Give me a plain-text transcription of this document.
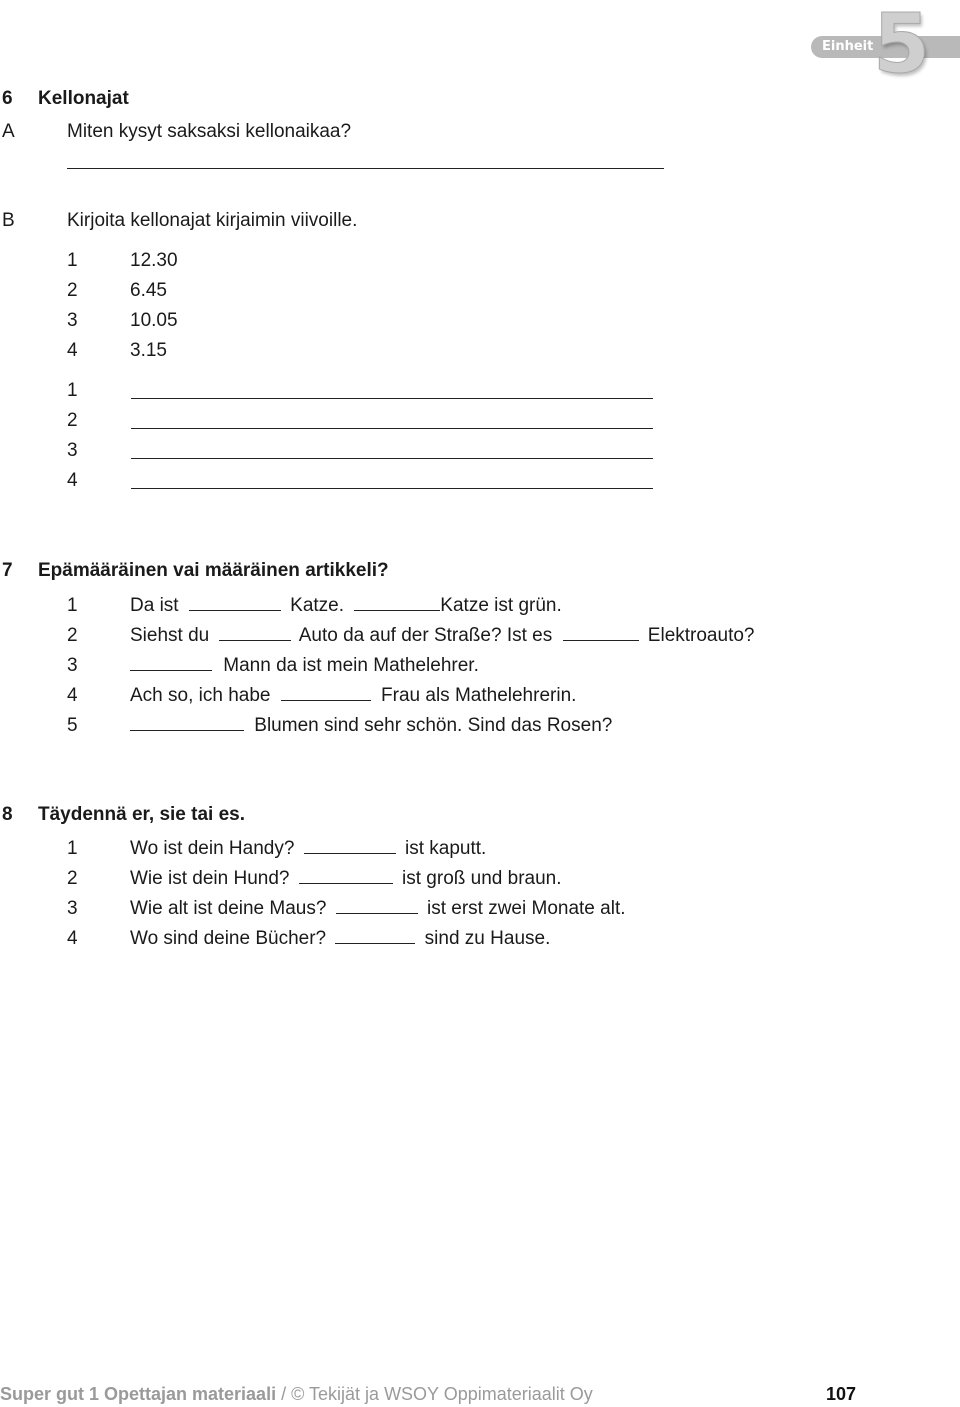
5
Einheit
6 Kellonajat
A	Miten kysyt saksaksi kellonaikaa?
B	Kirjoita kellonajat kirjaimin viivoille.
1	12.30
2	6.45
3	10.05
4	3.15
1
2
3
4
7 Epämääräinen vai määräinen artikkeli?
1	Da ist	Katze.	Katze ist grün.
2	Siehst du	Auto da auf der Straße? Ist es	Elektroauto?
3	Mann da ist mein Mathelehrer.
4	Ach so, ich habe	Frau als Mathelehrerin.
5	Blumen sind sehr schön. Sind das Rosen?
8 Täydennä er, sie tai es.
1	Wo ist dein Handy?	ist kaputt.
2	Wie ist dein Hund?	ist groß und braun.
3	Wie alt ist deine Maus?	ist erst zwei Monate alt.
4	Wo sind deine Bücher?	sind zu Hause.
Super gut 1 Opettajan materiaali / © Tekijät ja WSOY Oppimateriaalit Oy	107
